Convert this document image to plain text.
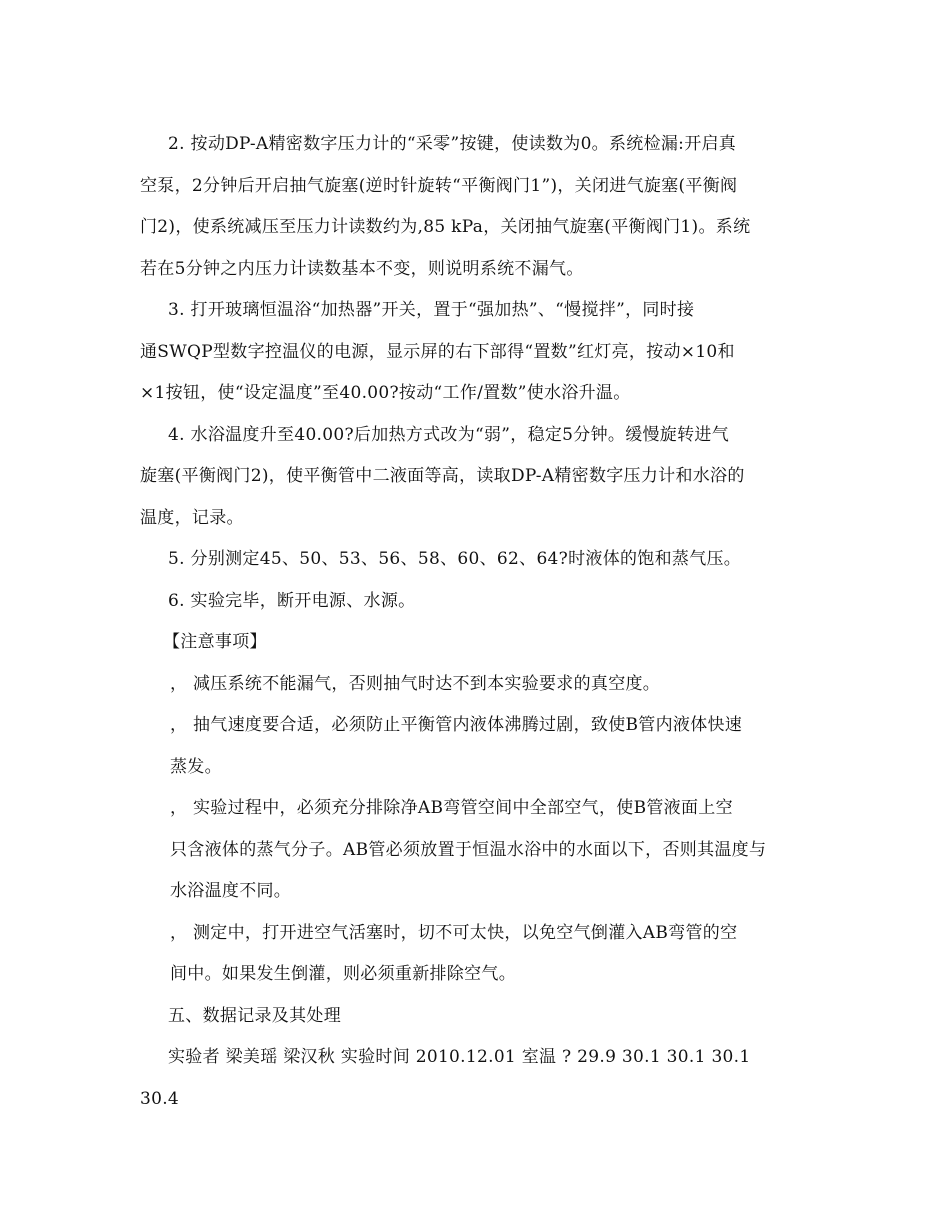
2. 按动DP-A精密数字压力计的“采零”按键，使读数为0。系统检漏:开启真
空泵，2分钟后开启抽气旋塞(逆时针旋转“平衡阀门1”)，关闭进气旋塞(平衡阀
门2)，使系统减压至压力计读数约为,85 kPa，关闭抽气旋塞(平衡阀门1)。系统
若在5分钟之内压力计读数基本不变，则说明系统不漏气。
3. 打开玻璃恒温浴“加热器”开关，置于“强加热”、“慢搅拌”，同时接
通SWQP型数字控温仪的电源，显示屏的右下部得“置数”红灯亮，按动×10和
×1按钮，使“设定温度”至40.00?按动“工作/置数”使水浴升温。
4. 水浴温度升至40.00?后加热方式改为“弱”，稳定5分钟。缓慢旋转进气
旋塞(平衡阀门2)，使平衡管中二液面等高，读取DP-A精密数字压力计和水浴的
温度，记录。
5. 分别测定45、50、53、56、58、60、62、64?时液体的饱和蒸气压。
6. 实验完毕，断开电源、水源。
【注意事项】
， 减压系统不能漏气，否则抽气时达不到本实验要求的真空度。
， 抽气速度要合适，必须防止平衡管内液体沸腾过剧，致使B管内液体快速
蒸发。
， 实验过程中，必须充分排除净AB弯管空间中全部空气，使B管液面上空
只含液体的蒸气分子。AB管必须放置于恒温水浴中的水面以下，否则其温度与
水浴温度不同。
， 测定中，打开进空气活塞时，切不可太快，以免空气倒灌入AB弯管的空
间中。如果发生倒灌，则必须重新排除空气。
五、数据记录及其处理
实验者 梁美瑶 梁汉秋 实验时间 2010.12.01 室温 ? 29.9 30.1 30.1 30.1
30.4
